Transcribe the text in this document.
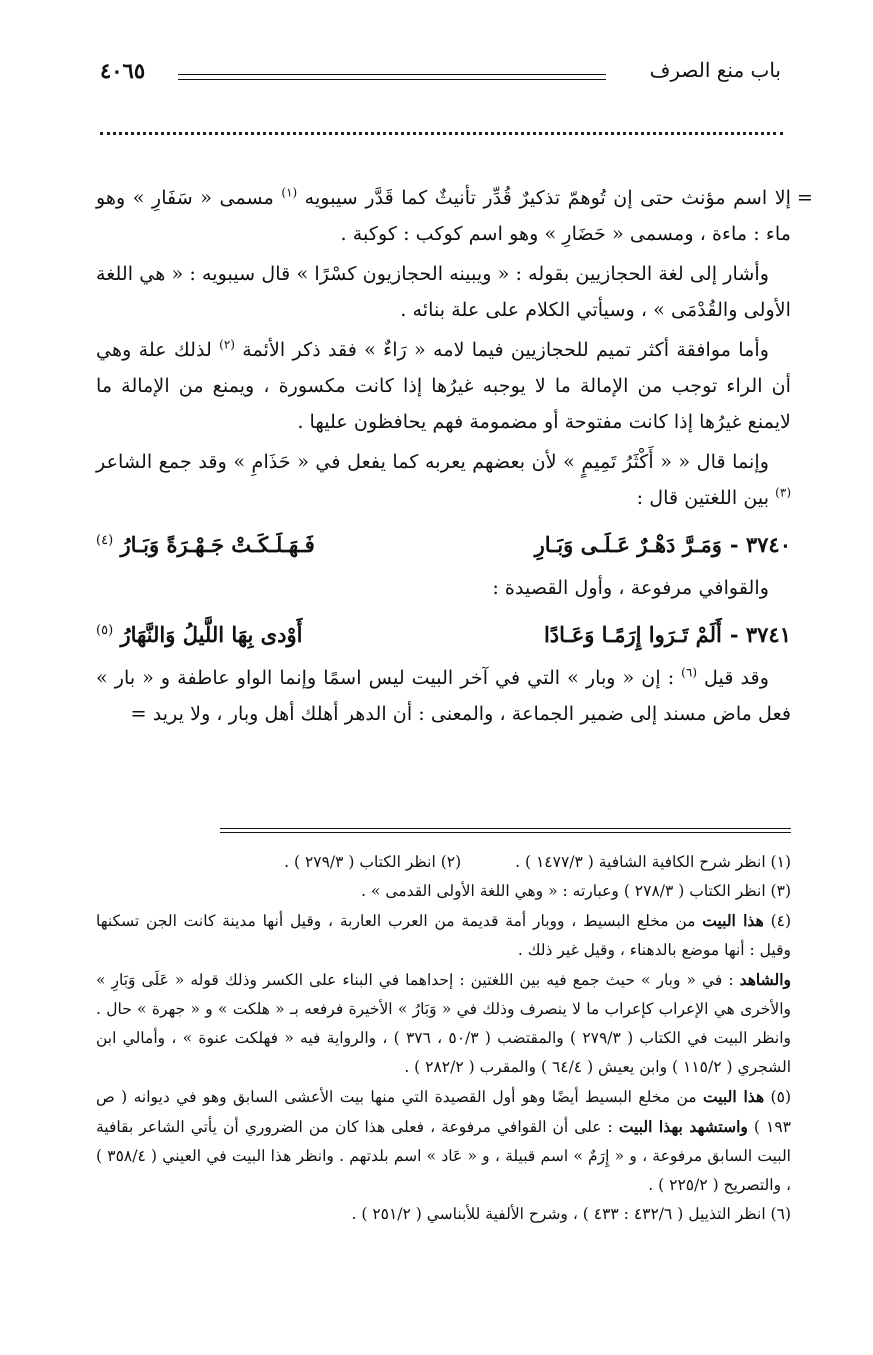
باب منع الصرف
٤٠٦٥

=
إلا اسم مؤنث حتى إن تُوهمّ تذكيرٌ قُدِّر تأنيثٌ كما قَدَّر سيبويه $^{(١)}$ مسمى « سَفَارِ » وهو ماء : ماءة ، ومسمى « حَضَارِ » وهو اسم كوكب : كوكبة .

وأشار إلى لغة الحجازيين بقوله : « ويبينه الحجازيون كسْرًا » قال سيبويه : « هي اللغة الأولى والقُدْمَى » ، وسيأتي الكلام على علة بنائه .

وأما موافقة أكثر تميم للحجازيين فيما لامه « رَاءٌ » فقد ذكر الأئمة $^{(٢)}$ لذلك علة وهي أن الراء توجب من الإمالة ما لا يوجبه غيرُها إذا كانت مكسورة ، ويمنع من الإمالة ما لايمنع غيرُها إذا كانت مفتوحة أو مضمومة فهم يحافظون عليها .

وإنما قال « « أَكْثَرُ تَمِيمٍ » لأن بعضهم يعربه كما يفعل في « حَذَامِ » وقد جمع الشاعر $^{(٣)}$ بين اللغتين قال :

٣٧٤٠ -وَمَـرَّ دَهْـرٌ عَـلَـى وَبَـارِ
فَـهَـلَـكَـتْ جَـهْـرَةً وَبَـارُ $^{(٤)}$

والقوافي مرفوعة ، وأول القصيدة :

٣٧٤١ -أَلَمْ تَـرَوا إِرَمًـا وَعَـادًا
أَوْدى بِهَا اللَّيلُ وَالنَّهَارُ $^{(٥)}$

وقد قيل $^{(٦)}$ : إن « وبار » التي في آخر البيت ليس اسمًا وإنما الواو عاطفة و « بار » فعل ماض مسند إلى ضمير الجماعة ، والمعنى : أن الدهر أهلك أهل وبار ، ولا يريد =

(١) انظر شرح الكافية الشافية ( ١٤٧٧/٣ ) .
(٢) انظر الكتاب ( ٢٧٩/٣ ) .

(٣) انظر الكتاب ( ٢٧٨/٣ ) وعبارته : « وهي اللغة الأولى القدمى » .

(٤) هذا البيت من مخلع البسيط ، ووبار أمة قديمة من العرب العاربة ، وقيل أنها مدينة كانت الجن تسكنها وقيل : أنها موضع بالدهناء ، وقيل غير ذلك .

والشاهد : في « وبار » حيث جمع فيه بين اللغتين : إحداهما في البناء على الكسر وذلك قوله « عَلَى وَبَارِ » والأخرى هي الإعراب كإعراب ما لا ينصرف وذلك في « وَبَارُ » الأخيرة فرفعه بـ « هلكت » و « جهرة » حال . وانظر البيت في الكتاب ( ٢٧٩/٣ ) والمقتضب ( ٥٠/٣ ، ٣٧٦ ) ، والرواية فيه « فهلكت عنوة » ، وأمالي ابن الشجري ( ١١٥/٢ ) وابن يعيش ( ٦٤/٤ ) والمقرب ( ٢٨٢/٢ ) .

(٥) هذا البيت من مخلع البسيط أيضًا وهو أول القصيدة التي منها بيت الأعشى السابق وهو في ديوانه ( ص ١٩٣ ) واستشهد بهذا البيت : على أن القوافي مرفوعة ، فعلى هذا كان من الضروري أن يأتي الشاعر بقافية البيت السابق مرفوعة ، و « إِرَمٌ » اسم قبيلة ، و « عَاد » اسم بلدتهم . وانظر هذا البيت في العيني ( ٣٥٨/٤ ) ، والتصريح ( ٢٢٥/٢ ) .

(٦) انظر التذييل ( ٤٣٢/٦ : ٤٣٣ ) ، وشرح الألفية للأبناسي ( ٢٥١/٢ ) .
